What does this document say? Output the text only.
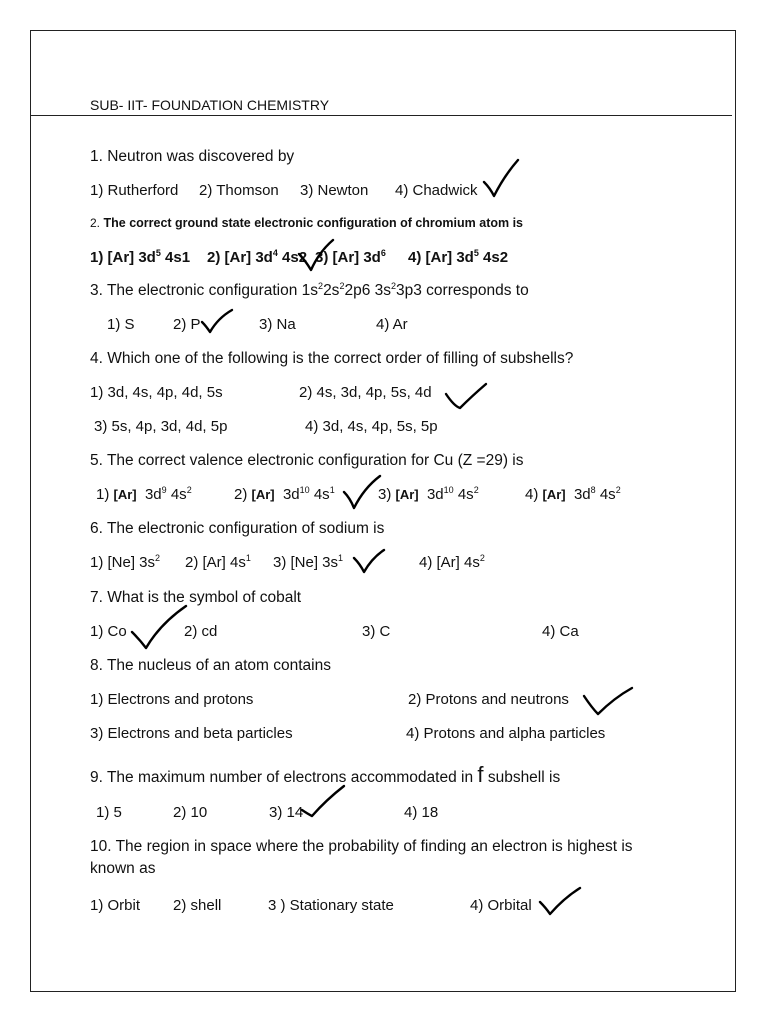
SUB- IIT- FOUNDATION CHEMISTRY
1. Neutron was discovered by
1) Rutherford 2) Thomson 3) Newton 4) Chadwick
2. The correct ground state electronic configuration of chromium atom is
1) [Ar] $3d^5$ 4s1 2) [Ar] $3d^4$ 4s2 3) [Ar] $3d^6$ 4) [Ar] $3d^5$ 4s2
3. The electronic configuration $1s^22s^22p6$ $3s^23p3$ corresponds to
1) S	2) P	3) Na	4) Ar
4. Which one of the following is the correct order of filling of subshells?
1) 3d, 4s, 4p, 4d, 5s	2) 4s, 3d, 4p, 5s, 4d
3) 5s, 4p, 3d, 4d, 5p	4) 3d, 4s, 4p, 5s, 5p
5. The correct valence electronic configuration for Cu (Z =29) is
1) [Ar] $3d^9$ $4s^2$	2) [Ar] $3d^{10}$ $4s^1$	3) [Ar] $3d^{10}$ $4s^2$	4) [Ar] $3d^8$ $4s^2$
6. The electronic configuration of sodium is
1) [Ne] $3s^2$ 2) [Ar] $4s^1$ 3) [Ne] $3s^1$	4) [Ar] $4s^2$
7. What is the symbol of cobalt
1) Co	2) cd	3) C	4) Ca
8. The nucleus of an atom contains
1) Electrons and protons	2) Protons and neutrons
3) Electrons and beta particles	4) Protons and alpha particles
9. The maximum number of electrons accommodated in f subshell is
1) 5	2) 10	3) 14	4) 18
10. The region in space where the probability of finding an electron is highest is known as
1) Orbit 2) shell	3 ) Stationary state	4) Orbital
